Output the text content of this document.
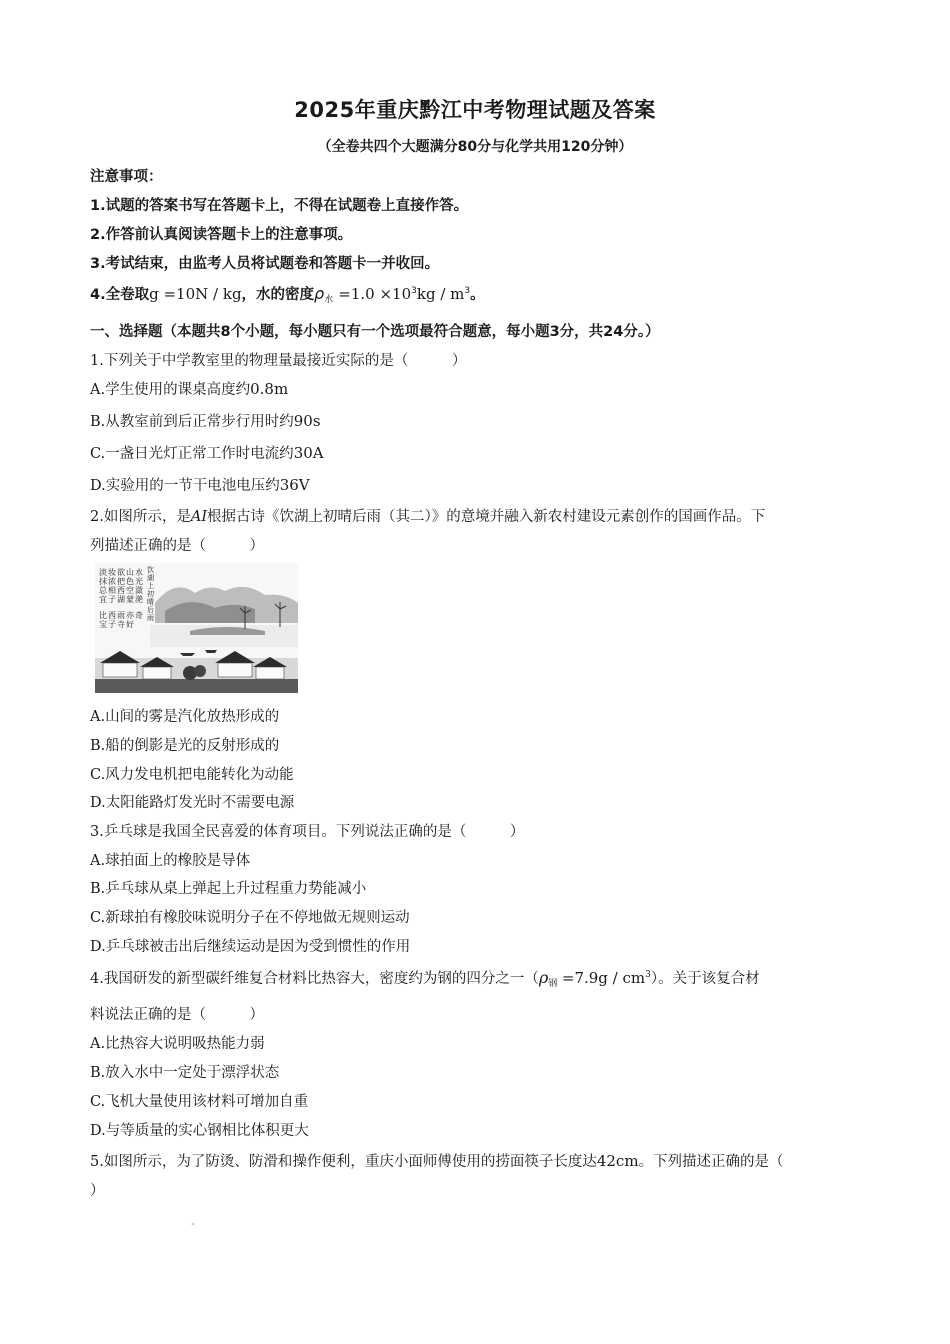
2025年重庆黔江中考物理试题及答案
（全卷共四个大题满分80分与化学共用120分钟）
注意事项：
1.试题的答案书写在答题卡上，不得在试题卷上直接作答。
2.作答前认真阅读答题卡上的注意事项。
3.考试结束，由监考人员将试题卷和答题卡一并收回。
4.全卷取g =10N / kg，水的密度$\rho_水 =1.0 \times 10^3kg / m^3$。
一、选择题（本题共8个小题，每小题只有一个选项最符合题意，每小题3分，共24分。）
1.下列关于中学教室里的物理量最接近实际的是（　　　）
A.学生使用的课桌高度约0.8m
B.从教室前到后正常步行用时约90s
C.一盏日光灯正常工作时电流约30A
D.实验用的一节干电池电压约36V
2.如图所示，是AI根据古诗《饮湖上初晴后雨（其二）》的意境并融入新农村建设元素创作的国画作品。下
列描述正确的是（　　　）
淡
抹
总
宜
妆
浓
相
子
欲
把
西
湖
山
色
空
蒙
水
光
潋
滟
比 西 雨 亦 奇
宝 子 寺 好
饮
湖
上
初
晴
后
雨
A.山间的雾是汽化放热形成的
B.船的倒影是光的反射形成的
C.风力发电机把电能转化为动能
D.太阳能路灯发光时不需要电源
3.乒乓球是我国全民喜爱的体育项目。下列说法正确的是（　　　）
A.球拍面上的橡胶是导体
B.乒乓球从桌上弹起上升过程重力势能减小
C.新球拍有橡胶味说明分子在不停地做无规则运动
D.乒乓球被击出后继续运动是因为受到惯性的作用
4.我国研发的新型碳纤维复合材料比热容大，密度约为钢的四分之一$(\rho_钢 =7.9g / cm^3)$。关于该复合材
料说法正确的是（　　　）
A.比热容大说明吸热能力弱
B.放入水中一定处于漂浮状态
C.飞机大量使用该材料可增加自重
D.与等质量的实心钢相比体积更大
5.如图所示，为了防烫、防滑和操作便利，重庆小面师傅使用的捞面筷子长度达42cm。下列描述正确的是（
）
"
